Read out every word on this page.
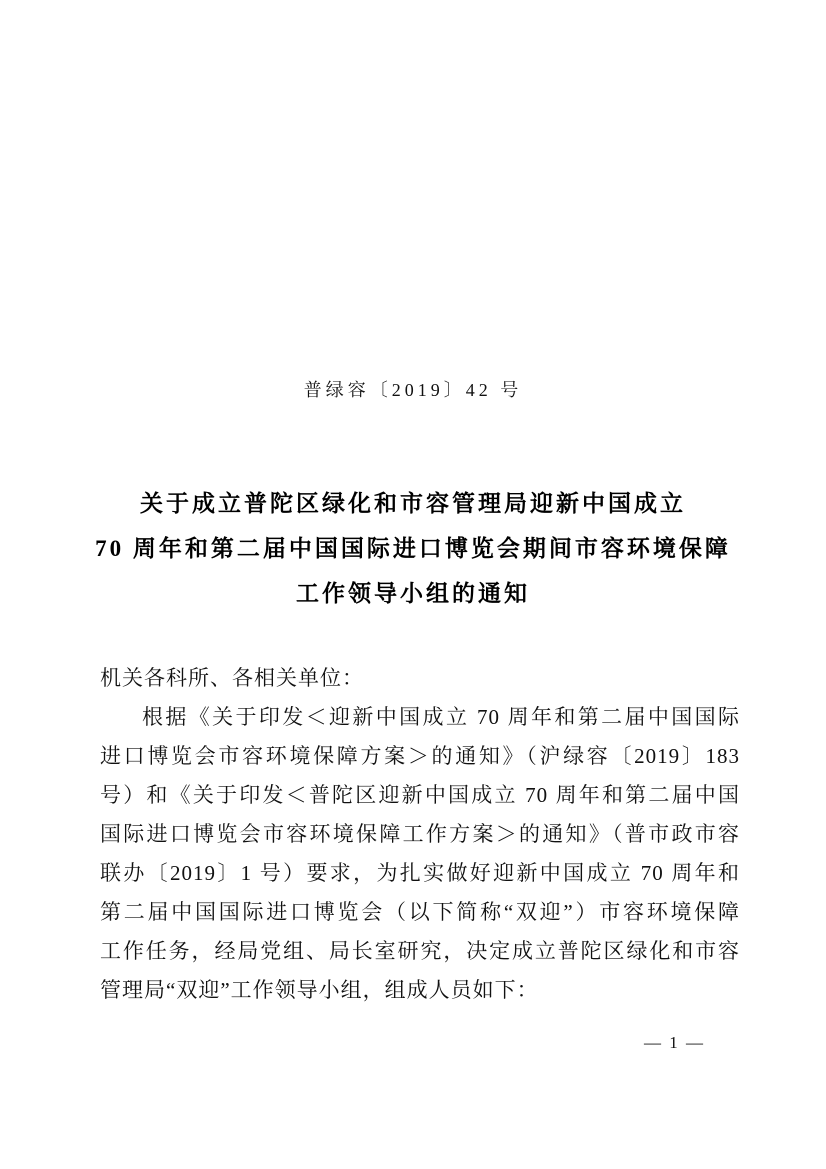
普绿容〔2019〕42 号
关于成立普陀区绿化和市容管理局迎新中国成立
70 周年和第二届中国国际进口博览会期间市容环境保障
工作领导小组的通知
机关各科所、各相关单位：
根据《关于印发＜迎新中国成立 70 周年和第二届中国国际
进口博览会市容环境保障方案＞的通知》（沪绿容〔2019〕183
号）和《关于印发＜普陀区迎新中国成立 70 周年和第二届中国
国际进口博览会市容环境保障工作方案＞的通知》（普市政市容
联办〔2019〕1 号）要求，为扎实做好迎新中国成立 70 周年和
第二届中国国际进口博览会（以下简称“双迎”）市容环境保障
工作任务，经局党组、局长室研究，决定成立普陀区绿化和市容
管理局“双迎”工作领导小组，组成人员如下：
— 1 —
